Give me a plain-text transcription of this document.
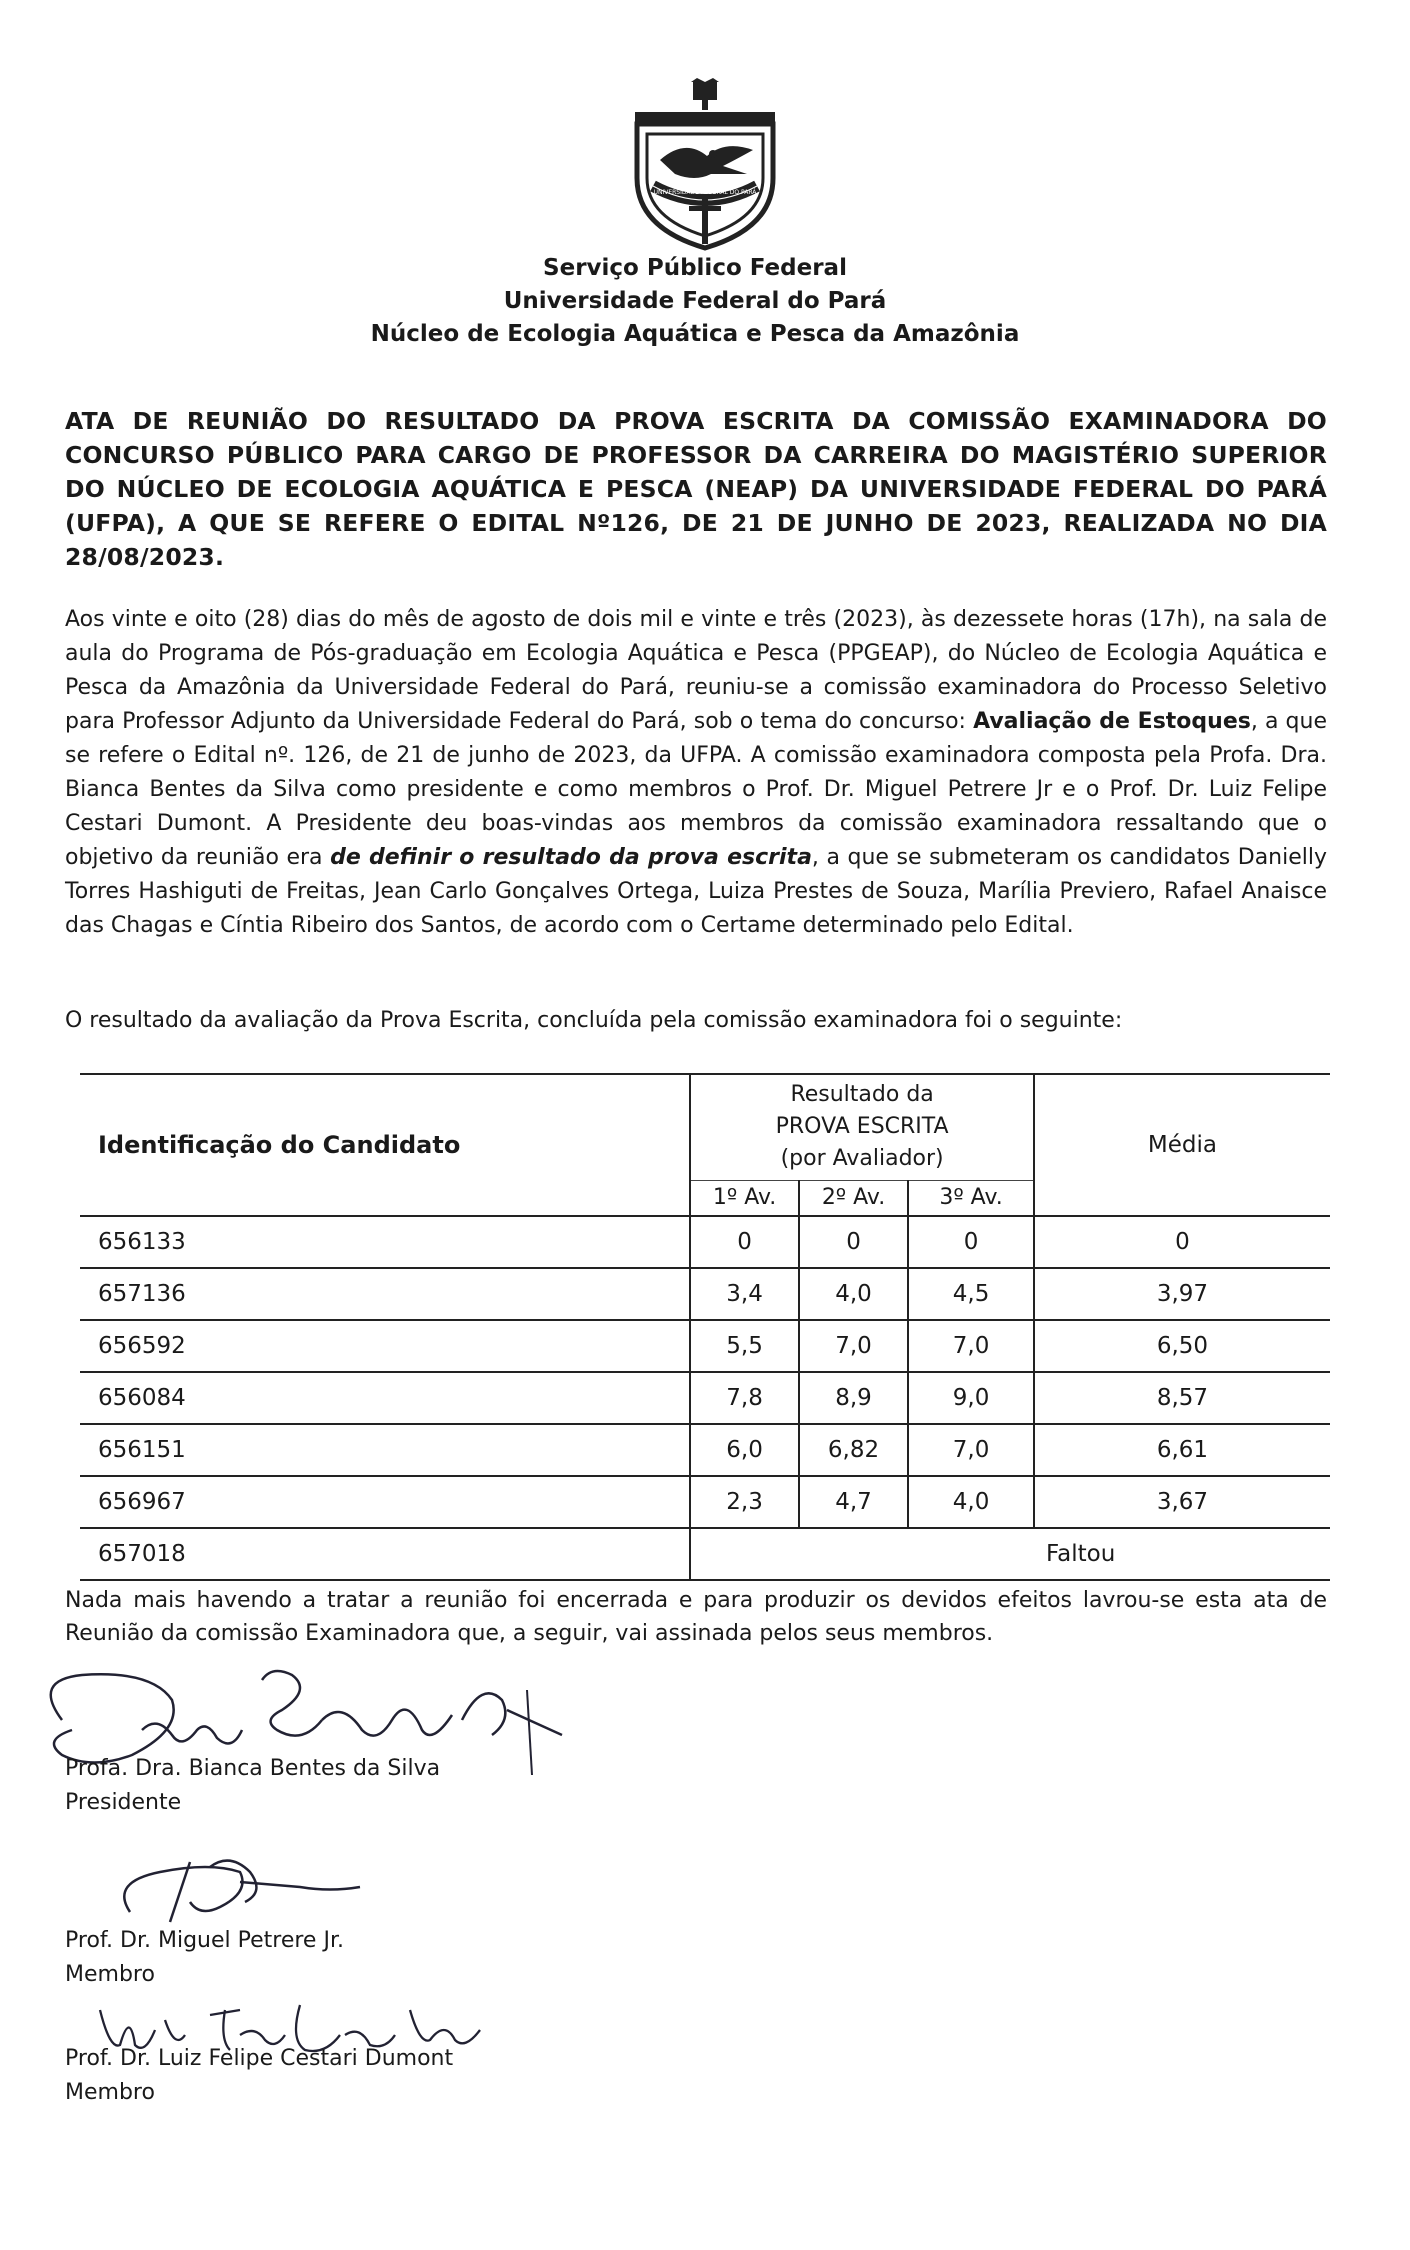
UNIVERSIDADE FEDERAL DO PARÁ
Serviço Público Federal
Universidade Federal do Pará
Núcleo de Ecologia Aquática e Pesca da Amazônia
ATA DE REUNIÃO DO RESULTADO DA PROVA ESCRITA DA COMISSÃO EXAMINADORA DO CONCURSO PÚBLICO PARA CARGO DE PROFESSOR DA CARREIRA DO MAGISTÉRIO SUPERIOR DO NÚCLEO DE ECOLOGIA AQUÁTICA E PESCA (NEAP) DA UNIVERSIDADE FEDERAL DO PARÁ (UFPA), A QUE SE REFERE O EDITAL Nº126, DE 21 DE JUNHO DE 2023, REALIZADA NO DIA 28/08/2023.
Aos vinte e oito (28) dias do mês de agosto de dois mil e vinte e três (2023), às dezessete horas (17h), na sala de aula do Programa de Pós-graduação em Ecologia Aquática e Pesca (PPGEAP), do Núcleo de Ecologia Aquática e Pesca da Amazônia da Universidade Federal do Pará, reuniu-se a comissão examinadora do Processo Seletivo para Professor Adjunto da Universidade Federal do Pará, sob o tema do concurso: Avaliação de Estoques, a que se refere o Edital nº. 126, de 21 de junho de 2023, da UFPA. A comissão examinadora composta pela Profa. Dra. Bianca Bentes da Silva como presidente e como membros o Prof. Dr. Miguel Petrere Jr e o Prof. Dr. Luiz Felipe Cestari Dumont. A Presidente deu boas-vindas aos membros da comissão examinadora ressaltando que o objetivo da reunião era de definir o resultado da prova escrita, a que se submeteram os candidatos Danielly Torres Hashiguti de Freitas, Jean Carlo Gonçalves Ortega, Luiza Prestes de Souza, Marília Previero, Rafael Anaisce das Chagas e Cíntia Ribeiro dos Santos, de acordo com o Certame determinado pelo Edital.
O resultado da avaliação da Prova Escrita, concluída pela comissão examinadora foi o seguinte:
Identificação do Candidato	Resultado da
PROVA ESCRITA
(por Avaliador)			Média
	1º Av.	2º Av.	3º Av.	
656133	0	0	0	0
657136	3,4	4,0	4,5	3,97
656592	5,5	7,0	7,0	6,50
656084	7,8	8,9	9,0	8,57
656151	6,0	6,82	7,0	6,61
656967	2,3	4,7	4,0	3,67
657018	Faltou			
Nada mais havendo a tratar a reunião foi encerrada e para produzir os devidos efeitos lavrou-se esta ata de Reunião da comissão Examinadora que, a seguir, vai assinada pelos seus membros.
Profa. Dra. Bianca Bentes da Silva
Presidente
Prof. Dr. Miguel Petrere Jr.
Membro
Prof. Dr. Luiz Felipe Cestari Dumont
Membro
